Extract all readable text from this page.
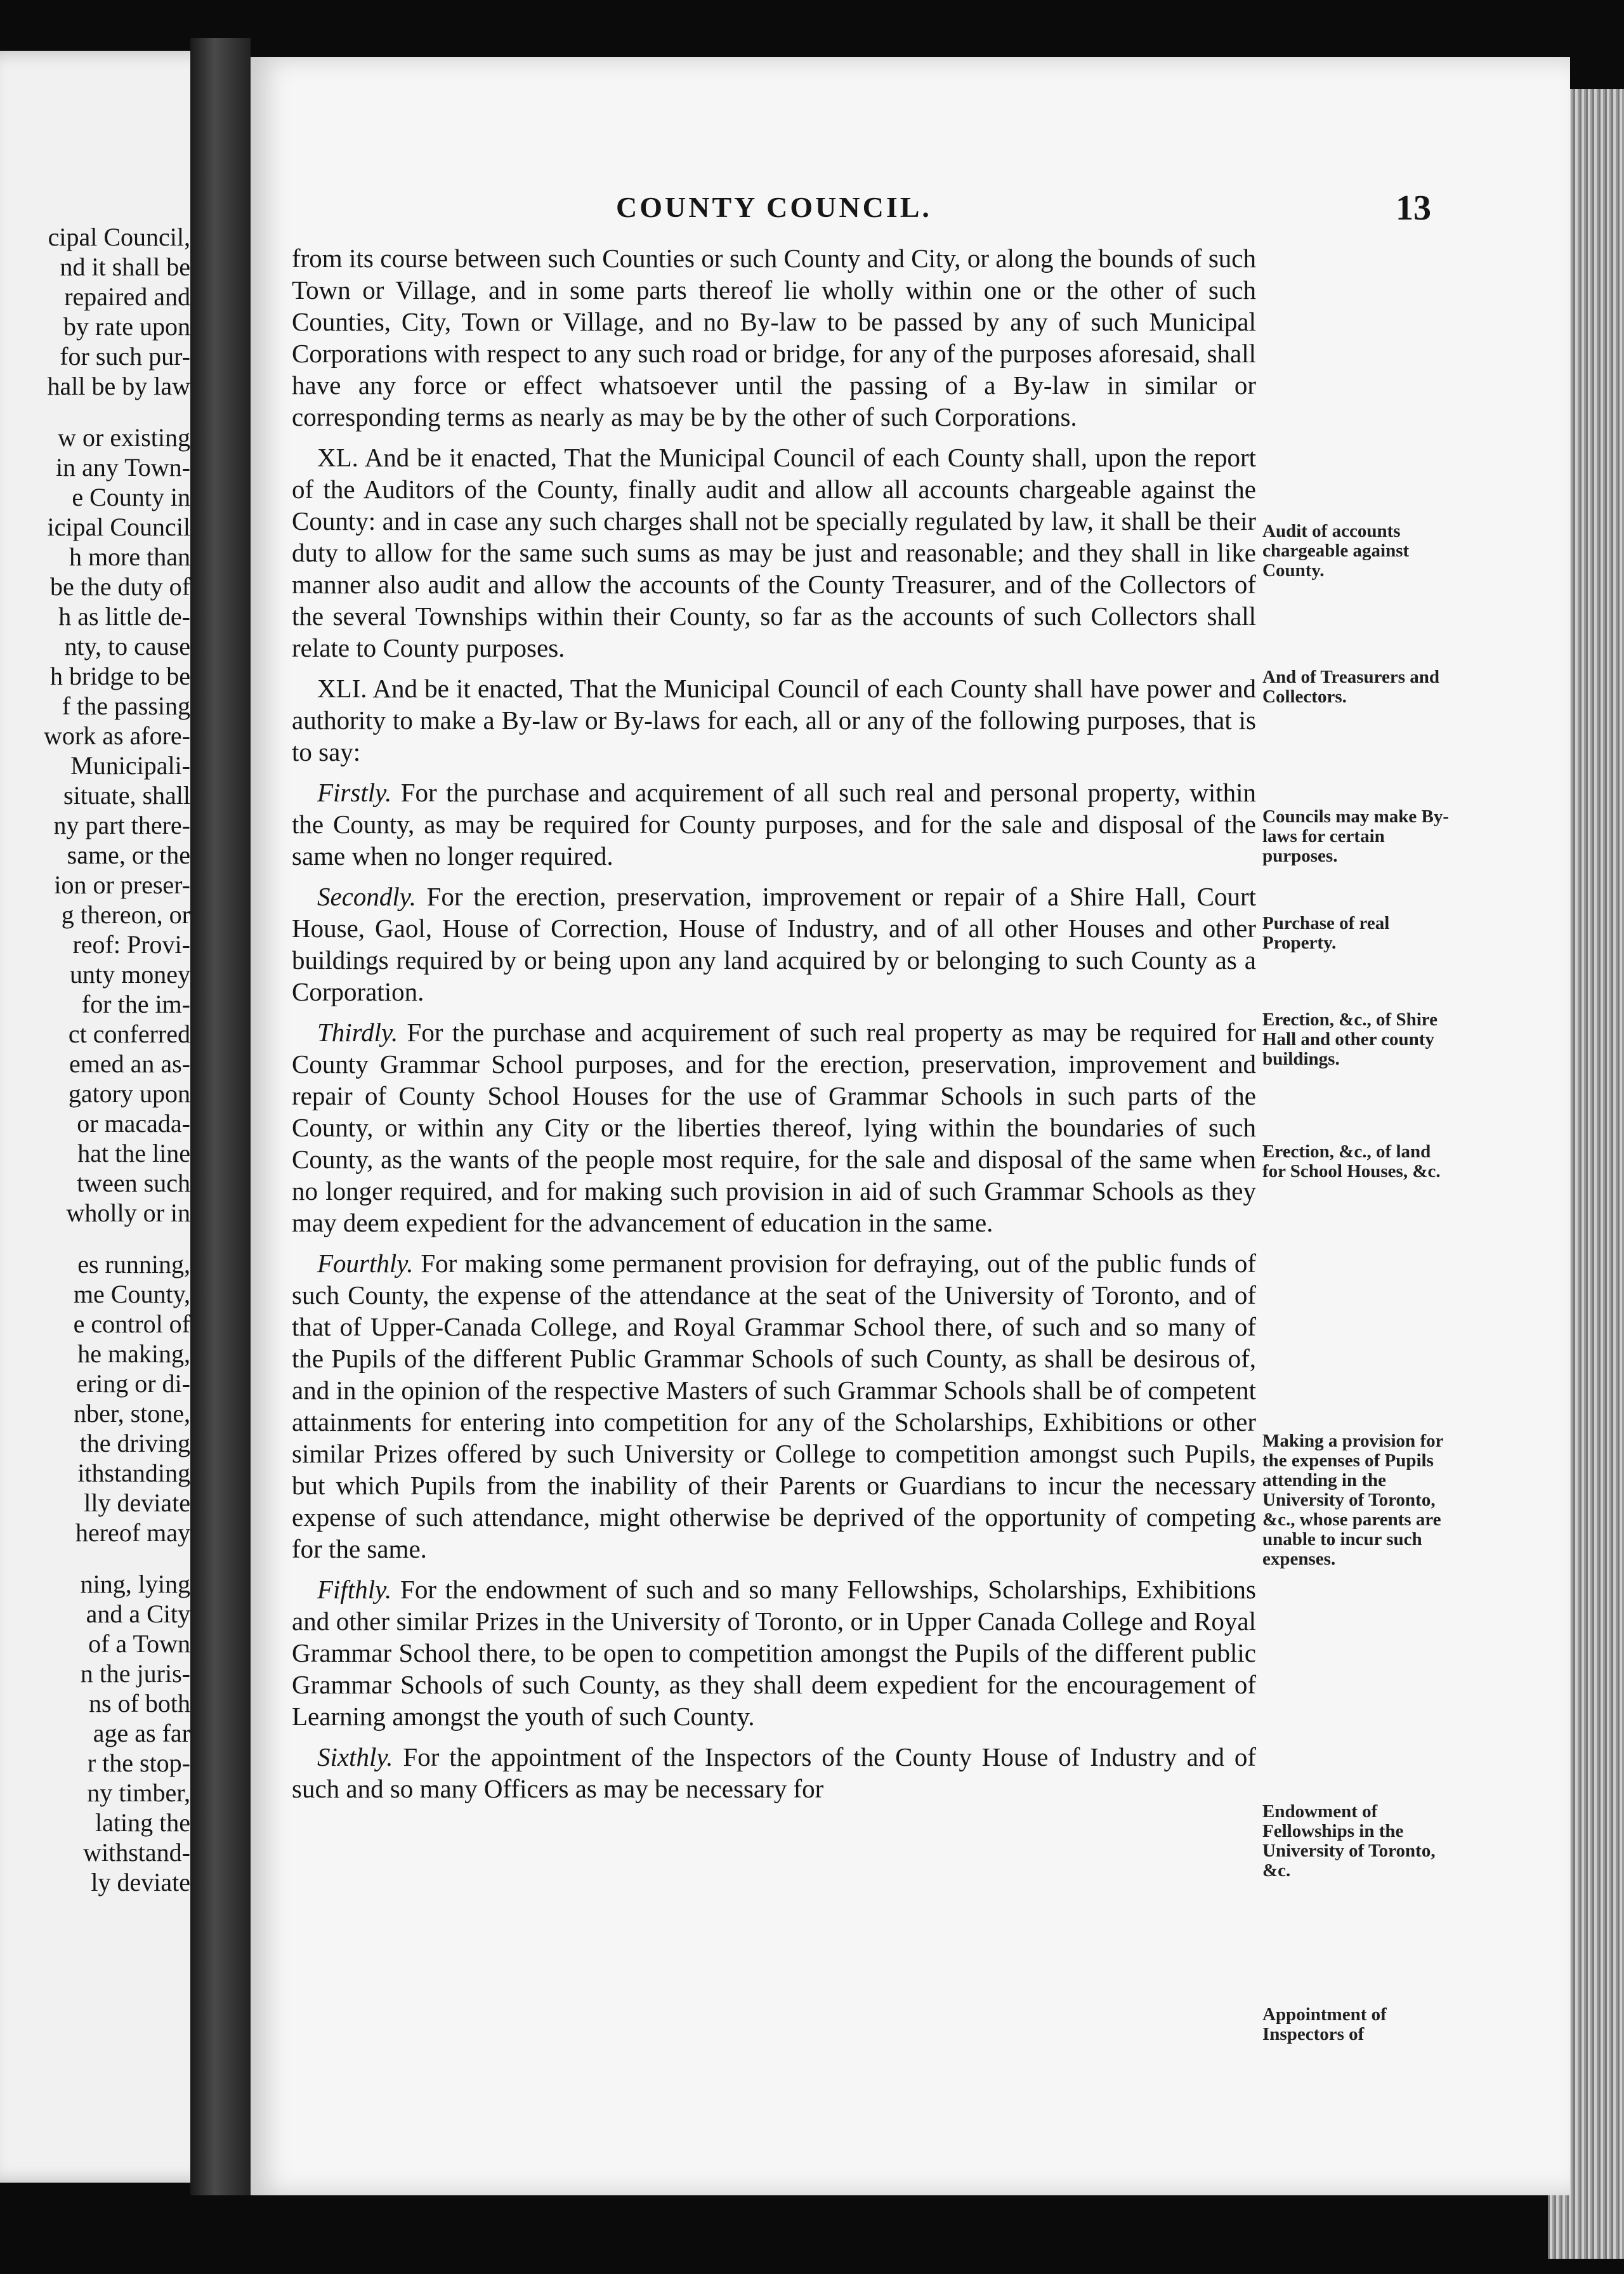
cipal Council,
nd it shall be
repaired and
by rate upon
for such pur-
hall be by law
w or existing
in any Town-
e County in
icipal Council
h more than
be the duty of
h as little de-
nty, to cause
h bridge to be
f the passing
work as afore-
Municipali-
situate, shall
ny part there-
same, or the
ion or preser-
g thereon, or
reof: Provi-
unty money
for the im-
ct conferred
emed an as-
gatory upon
or macada-
hat the line
tween such
wholly or in
es running,
me County,
e control of
he making,
ering or di-
nber, stone,
the driving
ithstanding
lly deviate
hereof may
ning, lying
and a City
of a Town
n the juris-
ns of both
age as far
r the stop-
ny timber,
lating the
withstand-
ly deviate
COUNTY COUNCIL.	13

from its course between such Counties or such County and City, or along the bounds of such Town or Village, and in some parts thereof lie wholly within one or the other of such Counties, City, Town or Village, and no By-law to be passed by any of such Municipal Corporations with respect to any such road or bridge, for any of the purposes aforesaid, shall have any force or effect whatsoever until the passing of a By-law in similar or corresponding terms as nearly as may be by the other of such Corporations.

XL. And be it enacted, That the Municipal Council of each County shall, upon the report of the Auditors of the County, finally audit and allow all accounts chargeable against the County: and in case any such charges shall not be specially regulated by law, it shall be their duty to allow for the same such sums as may be just and reasonable; and they shall in like manner also audit and allow the accounts of the County Treasurer, and of the Collectors of the several Townships within their County, so far as the accounts of such Collectors shall relate to County purposes.

XLI. And be it enacted, That the Municipal Council of each County shall have power and authority to make a By-law or By-laws for each, all or any of the following purposes, that is to say:

Firstly. For the purchase and acquirement of all such real and personal property, within the County, as may be required for County purposes, and for the sale and disposal of the same when no longer required.

Secondly. For the erection, preservation, improvement or repair of a Shire Hall, Court House, Gaol, House of Correction, House of Industry, and of all other Houses and other buildings required by or being upon any land acquired by or belonging to such County as a Corporation.

Thirdly. For the purchase and acquirement of such real property as may be required for County Grammar School purposes, and for the erection, preservation, improvement and repair of County School Houses for the use of Grammar Schools in such parts of the County, or within any City or the liberties thereof, lying within the boundaries of such County, as the wants of the people most require, for the sale and disposal of the same when no longer required, and for making such provision in aid of such Grammar Schools as they may deem expedient for the advancement of education in the same.

Fourthly. For making some permanent provision for defraying, out of the public funds of such County, the expense of the attendance at the seat of the University of Toronto, and of that of Upper-Canada College, and Royal Grammar School there, of such and so many of the Pupils of the different Public Grammar Schools of such County, as shall be desirous of, and in the opinion of the respective Masters of such Grammar Schools shall be of competent attainments for entering into competition for any of the Scholarships, Exhibitions or other similar Prizes offered by such University or College to competition amongst such Pupils, but which Pupils from the inability of their Parents or Guardians to incur the necessary expense of such attendance, might otherwise be deprived of the opportunity of competing for the same.

Fifthly. For the endowment of such and so many Fellowships, Scholarships, Exhibitions and other similar Prizes in the University of Toronto, or in Upper Canada College and Royal Grammar School there, to be open to competition amongst the Pupils of the different public Grammar Schools of such County, as they shall deem expedient for the encouragement of Learning amongst the youth of such County.

Sixthly. For the appointment of the Inspectors of the County House of Industry and of such and so many Officers as may be necessary for

Audit of accounts chargeable against County.
And of Treasurers and Collectors.
Councils may make By-laws for certain purposes.
Purchase of real Property.
Erection, &c., of Shire Hall and other county buildings.
Erection, &c., of land for School Houses, &c.
Making a provision for the expenses of Pupils attending in the University of Toronto, &c., whose parents are unable to incur such expenses.
Endowment of Fellowships in the University of Toronto, &c.
Appointment of Inspectors of
